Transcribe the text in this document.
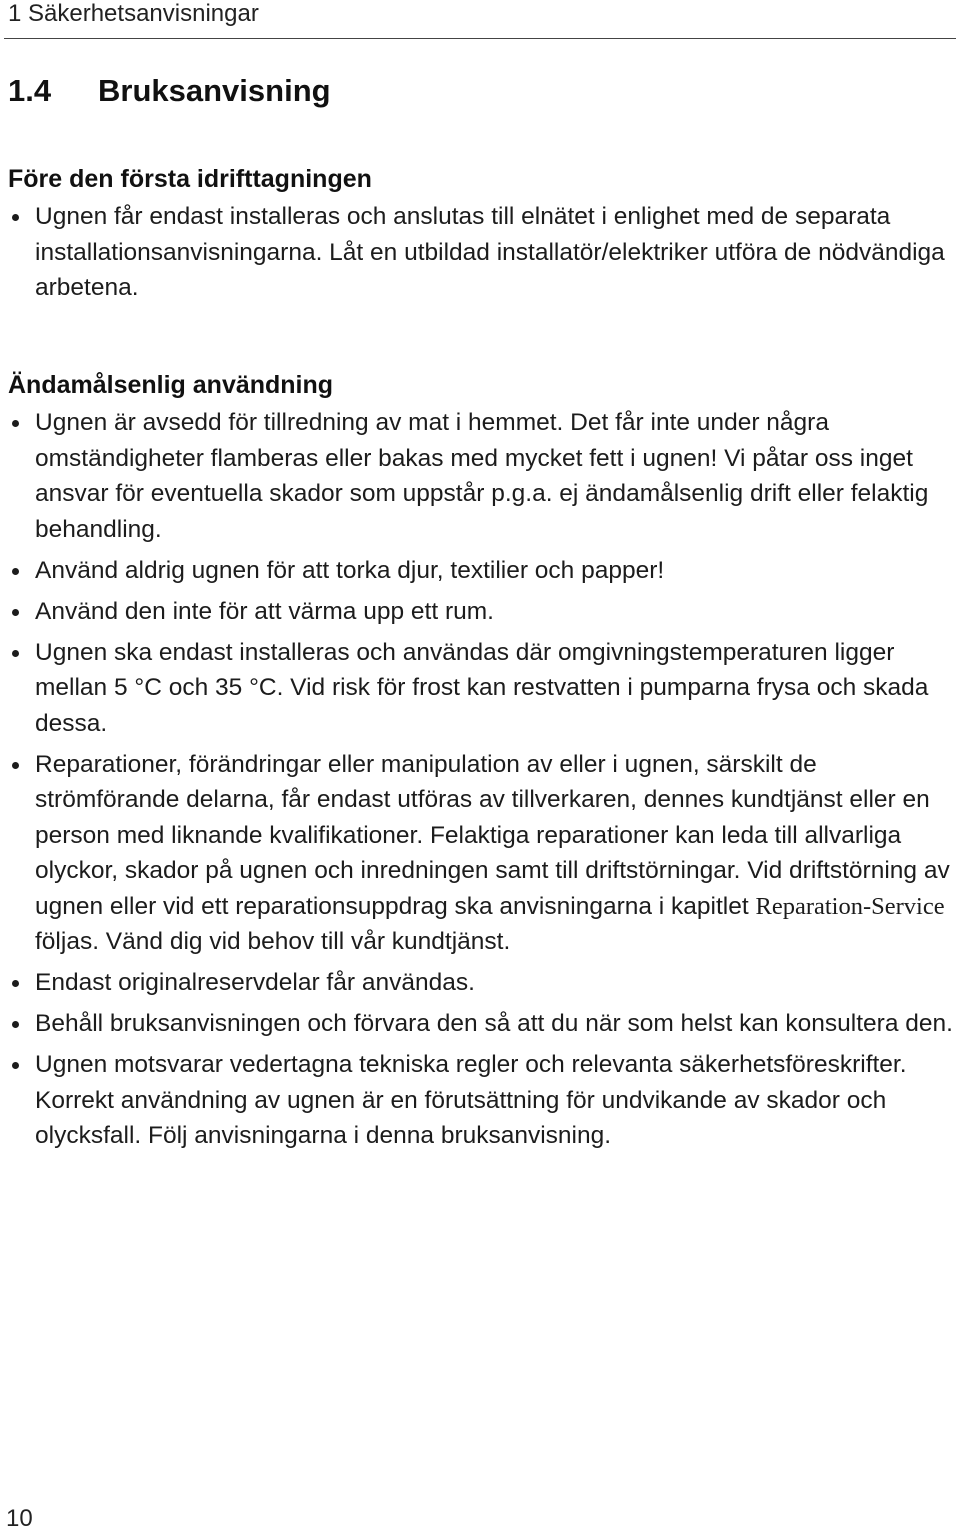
1 Säkerhetsanvisningar
1.4 Bruksanvisning
Före den första idrifttagningen
Ugnen får endast installeras och anslutas till elnätet i enlighet med de separata installationsanvisningarna. Låt en utbildad installatör/elektriker utföra de nödvändiga arbetena.
Ändamålsenlig användning
Ugnen är avsedd för tillredning av mat i hemmet. Det får inte under några omständigheter flamberas eller bakas med mycket fett i ugnen! Vi påtar oss inget ansvar för eventuella skador som uppstår p.g.a. ej ändamålsenlig drift eller felaktig behandling.
Använd aldrig ugnen för att torka djur, textilier och papper!
Använd den inte för att värma upp ett rum.
Ugnen ska endast installeras och användas där omgivningstemperaturen ligger mellan 5 °C och 35 °C. Vid risk för frost kan restvatten i pumparna frysa och skada dessa.
Reparationer, förändringar eller manipulation av eller i ugnen, särskilt de strömförande delarna, får endast utföras av tillverkaren, dennes kundtjänst eller en person med liknande kvalifikationer. Felaktiga reparationer kan leda till allvarliga olyckor, skador på ugnen och inredningen samt till driftstörningar. Vid driftstörning av ugnen eller vid ett reparationsuppdrag ska anvisningarna i kapitlet Reparation-Service följas. Vänd dig vid behov till vår kundtjänst.
Endast originalreservdelar får användas.
Behåll bruksanvisningen och förvara den så att du när som helst kan konsultera den.
Ugnen motsvarar vedertagna tekniska regler och relevanta säkerhetsföreskrifter. Korrekt användning av ugnen är en förutsättning för undvikande av skador och olycksfall. Följ anvisningarna i denna bruksanvisning.
10
